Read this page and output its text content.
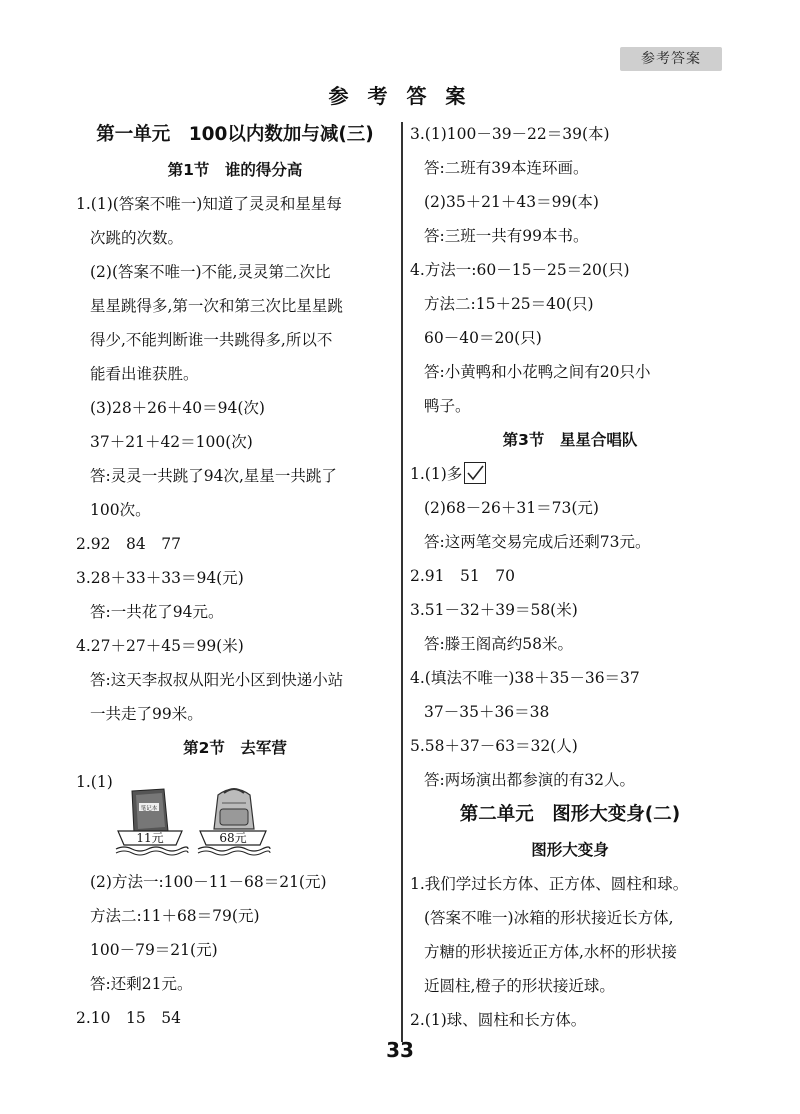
参考答案
参 考 答 案
第一单元　100以内数加与减(三)
第1节　谁的得分高
1.(1)(答案不唯一)知道了灵灵和星星每
次跳的次数。
(2)(答案不唯一)不能,灵灵第二次比
星星跳得多,第一次和第三次比星星跳
得少,不能判断谁一共跳得多,所以不
能看出谁获胜。
(3)28＋26＋40＝94(次)
37＋21＋42＝100(次)
答:灵灵一共跳了94次,星星一共跳了
100次。
2.92　84　77
3.28＋33＋33＝94(元)
答:一共花了94元。
4.27＋27＋45＝99(米)
答:这天李叔叔从阳光小区到快递小站
一共走了99米。
第2节　去军营
1.(1)
笔记本
11元	68元
(2)方法一:100－11－68＝21(元)
方法二:11＋68＝79(元)
100－79＝21(元)
答:还剩21元。
2.10　15　54
3.(1)100－39－22＝39(本)
答:二班有39本连环画。
(2)35＋21＋43＝99(本)
答:三班一共有99本书。
4.方法一:60－15－25＝20(只)
方法二:15＋25＝40(只)
60－40＝20(只)
答:小黄鸭和小花鸭之间有20只小
鸭子。
第3节　星星合唱队
1.(1)多
(2)68－26＋31＝73(元)
答:这两笔交易完成后还剩73元。
2.91　51　70
3.51－32＋39＝58(米)
答:滕王阁高约58米。
4.(填法不唯一)38＋35－36＝37
37－35＋36＝38
5.58＋37－63＝32(人)
答:两场演出都参演的有32人。
第二单元　图形大变身(二)
图形大变身
1.我们学过长方体、正方体、圆柱和球。
(答案不唯一)冰箱的形状接近长方体,
方糖的形状接近正方体,水杯的形状接
近圆柱,橙子的形状接近球。
2.(1)球、圆柱和长方体。
33
